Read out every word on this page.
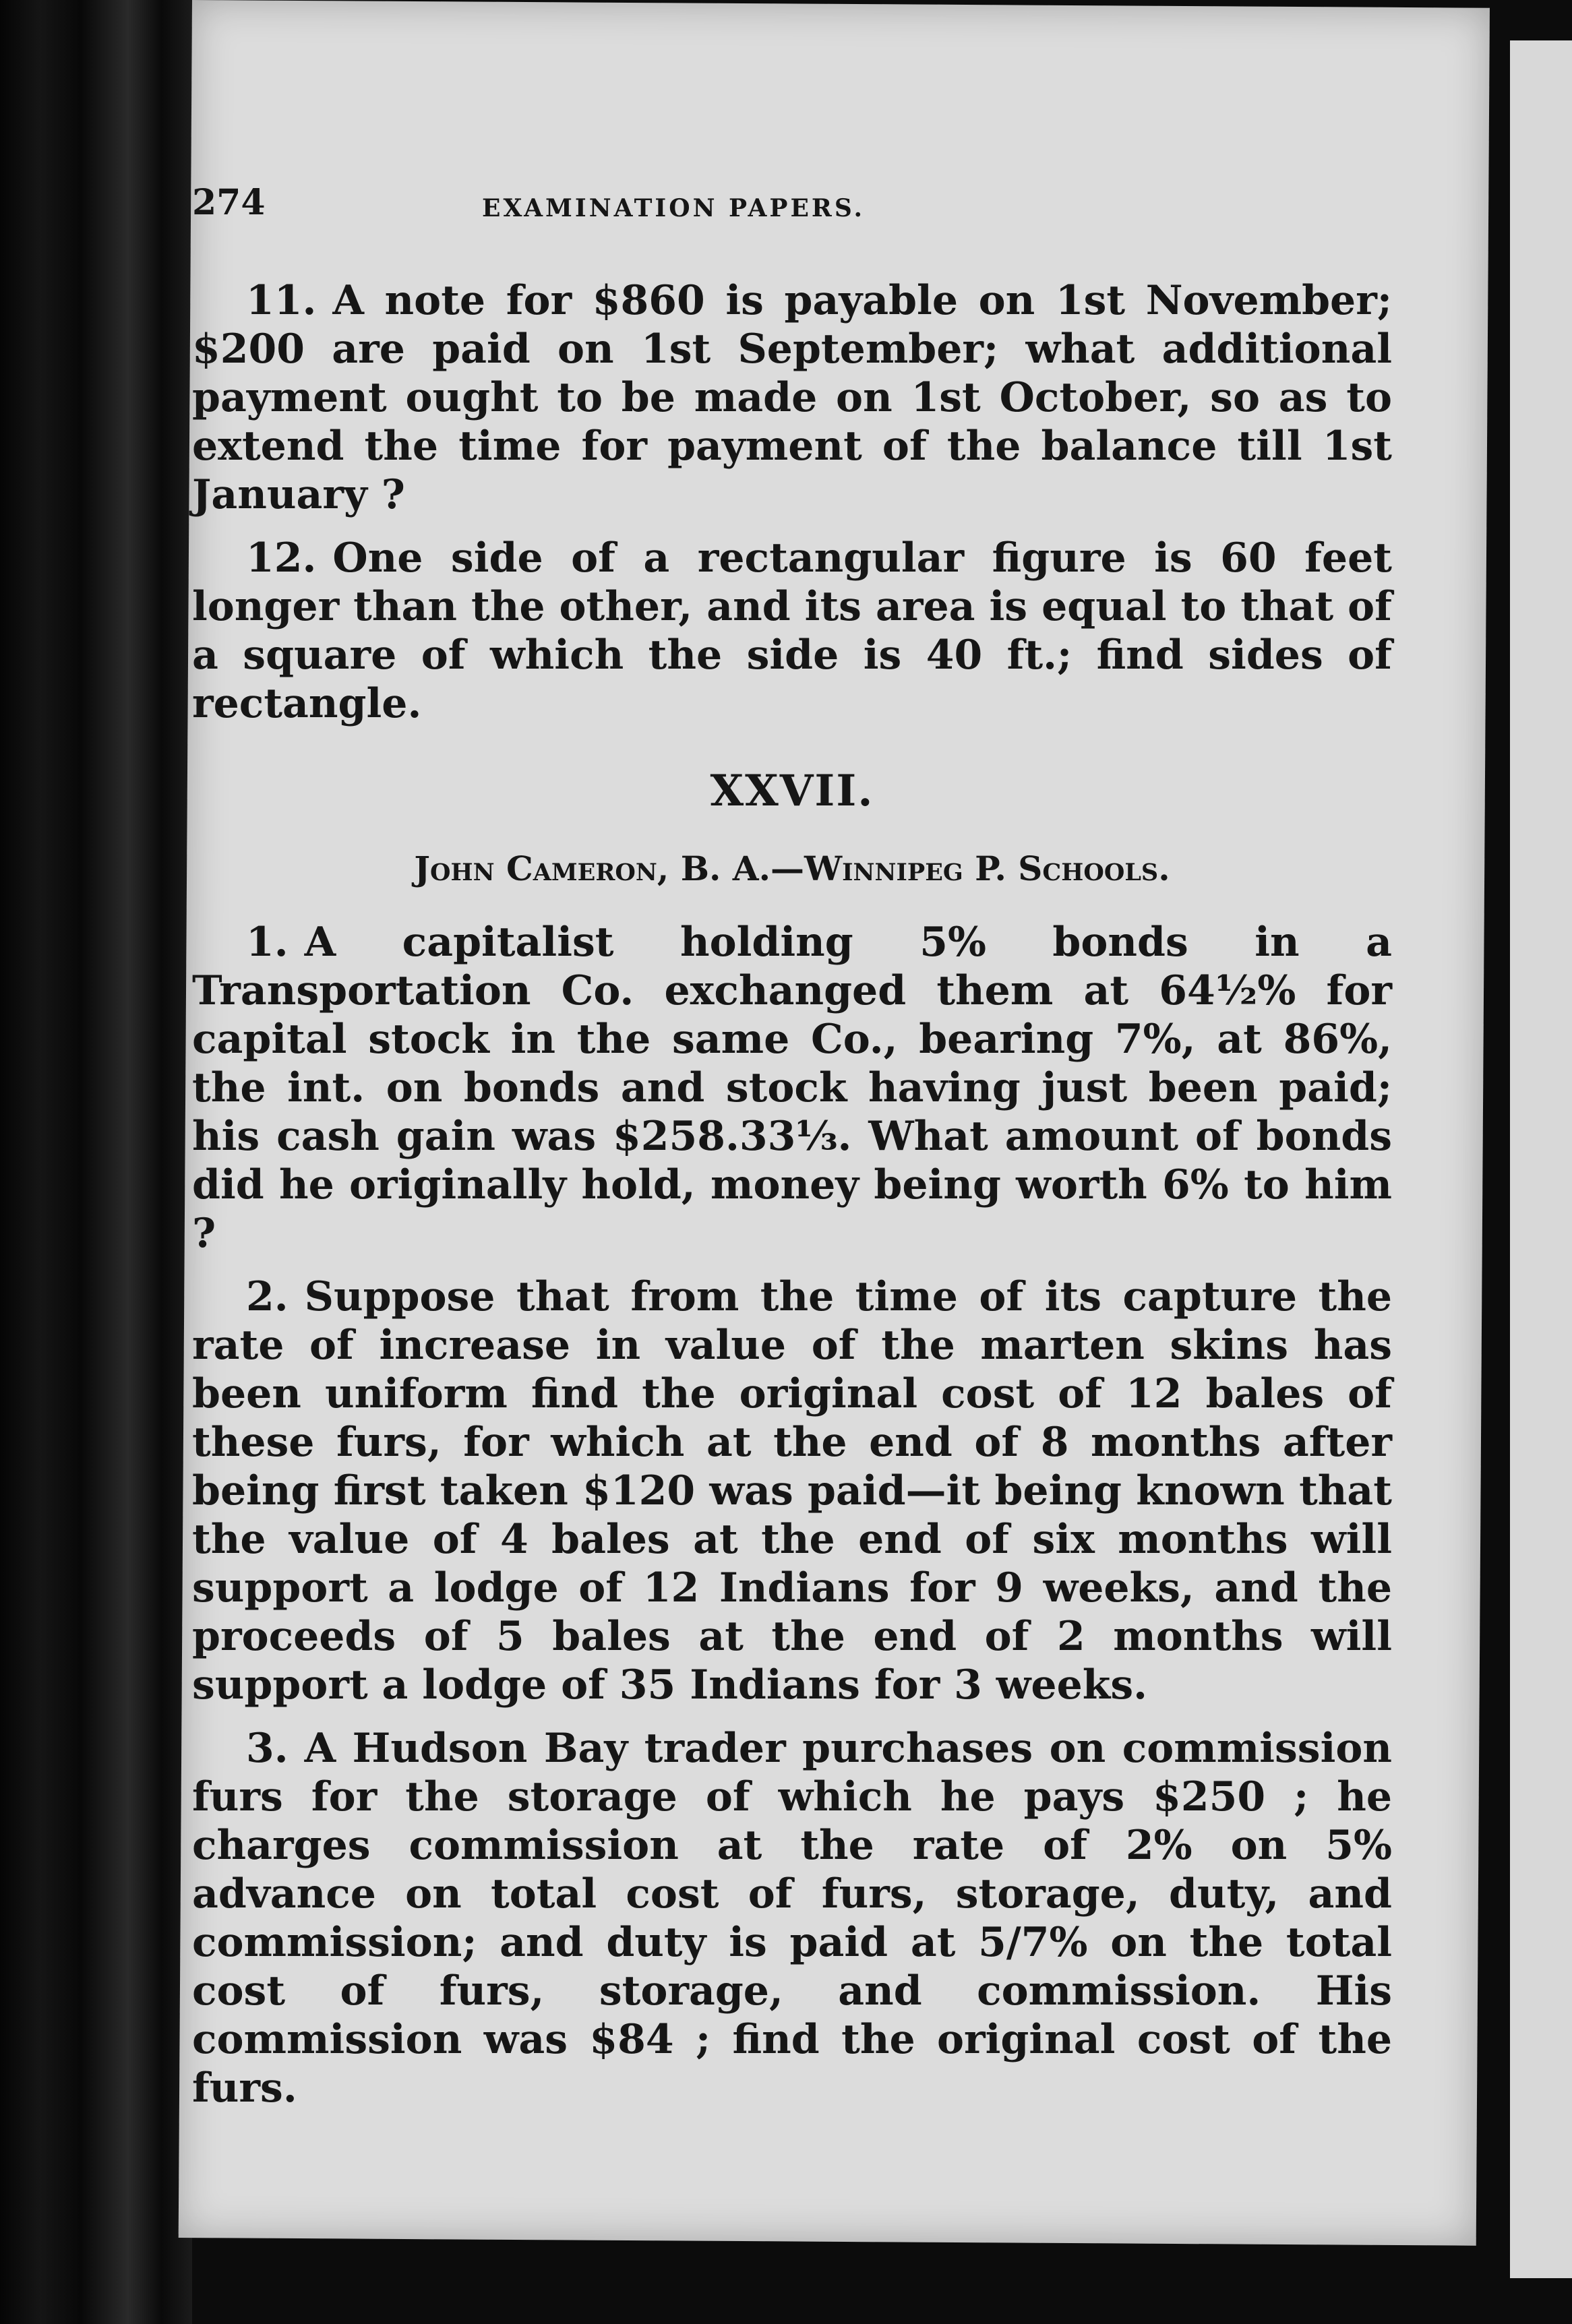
274	EXAMINATION PAPERS.

11. A note for $860 is payable on 1st November; $200 are paid on 1st September; what additional payment ought to be made on 1st October, so as to extend the time for payment of the balance till 1st January ?

12. One side of a rectangular figure is 60 feet longer than the other, and its area is equal to that of a square of which the side is 40 ft.; find sides of rectangle.

XXVII.
John Cameron, B. A.—Winnipeg P. Schools.

1. A capitalist holding 5% bonds in a Transportation Co. exchanged them at 64½% for capital stock in the same Co., bearing 7%, at 86%, the int. on bonds and stock having just been paid; his cash gain was $258.33⅓. What amount of bonds did he originally hold, money being worth 6% to him ?

2. Suppose that from the time of its capture the rate of increase in value of the marten skins has been uniform find the original cost of 12 bales of these furs, for which at the end of 8 months after being first taken $120 was paid—it being known that the value of 4 bales at the end of six months will support a lodge of 12 Indians for 9 weeks, and the proceeds of 5 bales at the end of 2 months will support a lodge of 35 Indians for 3 weeks.

3. A Hudson Bay trader purchases on commission furs for the storage of which he pays $250 ; he charges commission at the rate of 2% on 5% advance on total cost of furs, storage, duty, and commission; and duty is paid at 5/7% on the total cost of furs, storage, and commission. His commission was $84 ; find the original cost of the furs.
